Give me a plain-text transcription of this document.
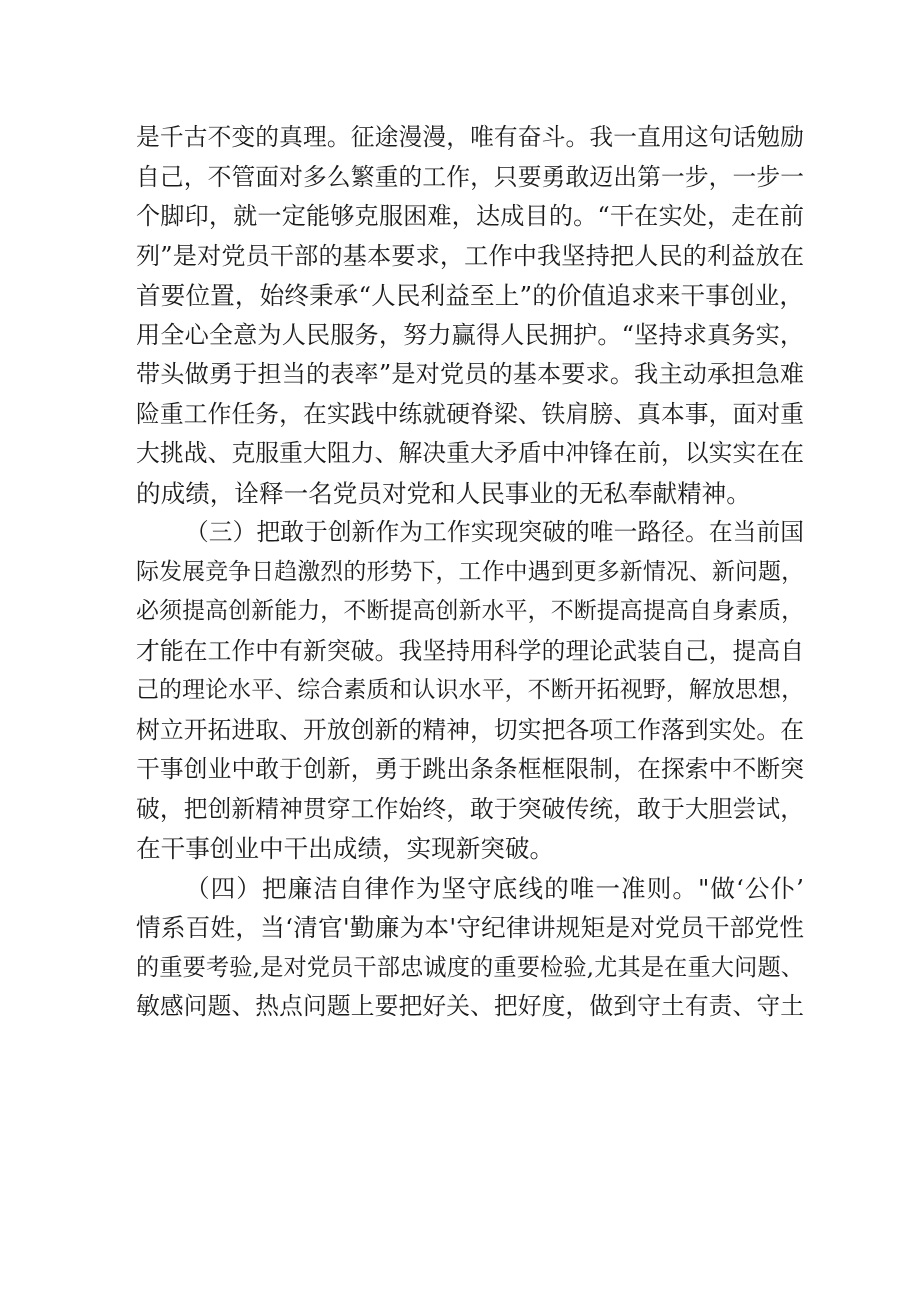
是千古不变的真理。征途漫漫，唯有奋斗。我一直用这句话勉励
自己，不管面对多么繁重的工作，只要勇敢迈出第一步，一步一
个脚印，就一定能够克服困难，达成目的。“干在实处，走在前
列”是对党员干部的基本要求，工作中我坚持把人民的利益放在
首要位置，始终秉承“人民利益至上”的价值追求来干事创业，
用全心全意为人民服务，努力赢得人民拥护。“坚持求真务实，
带头做勇于担当的表率”是对党员的基本要求。我主动承担急难
险重工作任务，在实践中练就硬脊梁、铁肩膀、真本事，面对重
大挑战、克服重大阻力、解决重大矛盾中冲锋在前，以实实在在
的成绩，诠释一名党员对党和人民事业的无私奉献精神。
（三）把敢于创新作为工作实现突破的唯一路径。在当前国
际发展竞争日趋激烈的形势下，工作中遇到更多新情况、新问题，
必须提高创新能力，不断提高创新水平，不断提高提高自身素质，
才能在工作中有新突破。我坚持用科学的理论武装自己，提高自
己的理论水平、综合素质和认识水平，不断开拓视野，解放思想，
树立开拓进取、开放创新的精神，切实把各项工作落到实处。在
干事创业中敢于创新，勇于跳出条条框框限制，在探索中不断突
破，把创新精神贯穿工作始终，敢于突破传统，敢于大胆尝试，
在干事创业中干出成绩，实现新突破。
（四）把廉洁自律作为坚守底线的唯一准则。"做‘公仆’
情系百姓，当‘清官'勤廉为本'守纪律讲规矩是对党员干部党性
的重要考验,是对党员干部忠诚度的重要检验,尤其是在重大问题、
敏感问题、热点问题上要把好关、把好度，做到守土有责、守土
